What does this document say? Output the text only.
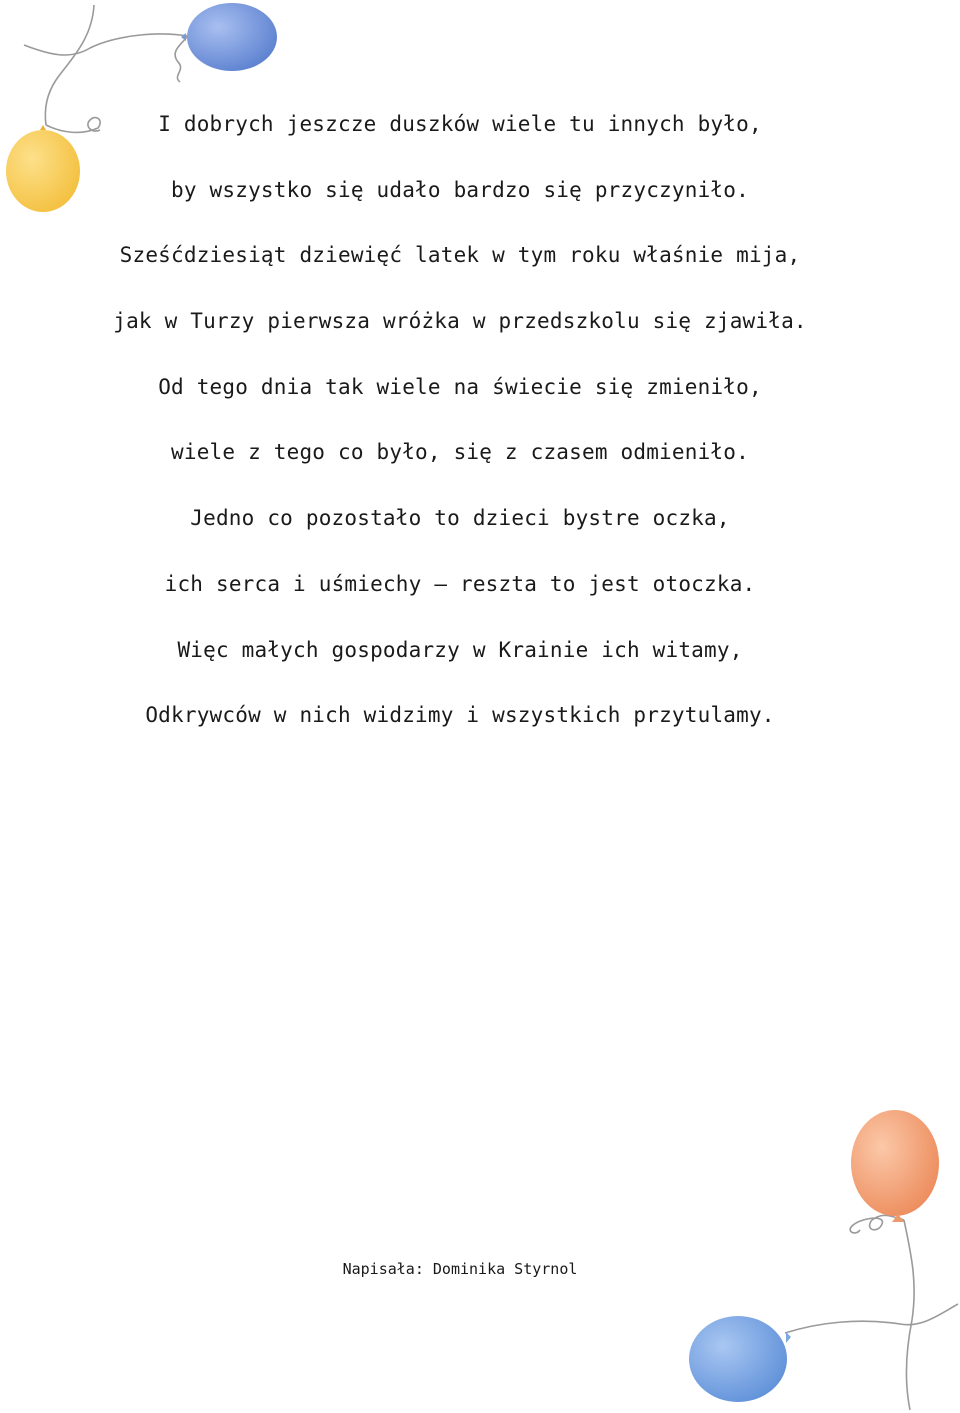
I dobrych jeszcze duszków wiele tu innych było,
by wszystko się udało bardzo się przyczyniło.
Sześćdziesiąt dziewięć latek w tym roku właśnie mija,
jak w Turzy pierwsza wróżka w przedszkolu się zjawiła.
Od tego dnia tak wiele na świecie się zmieniło,
wiele z tego co było, się z czasem odmieniło.
Jedno co pozostało to dzieci bystre oczka,
ich serca i uśmiechy — reszta to jest otoczka.
Więc małych gospodarzy w Krainie ich witamy,
Odkrywców w nich widzimy i wszystkich przytulamy.
Napisała: Dominika Styrnol
